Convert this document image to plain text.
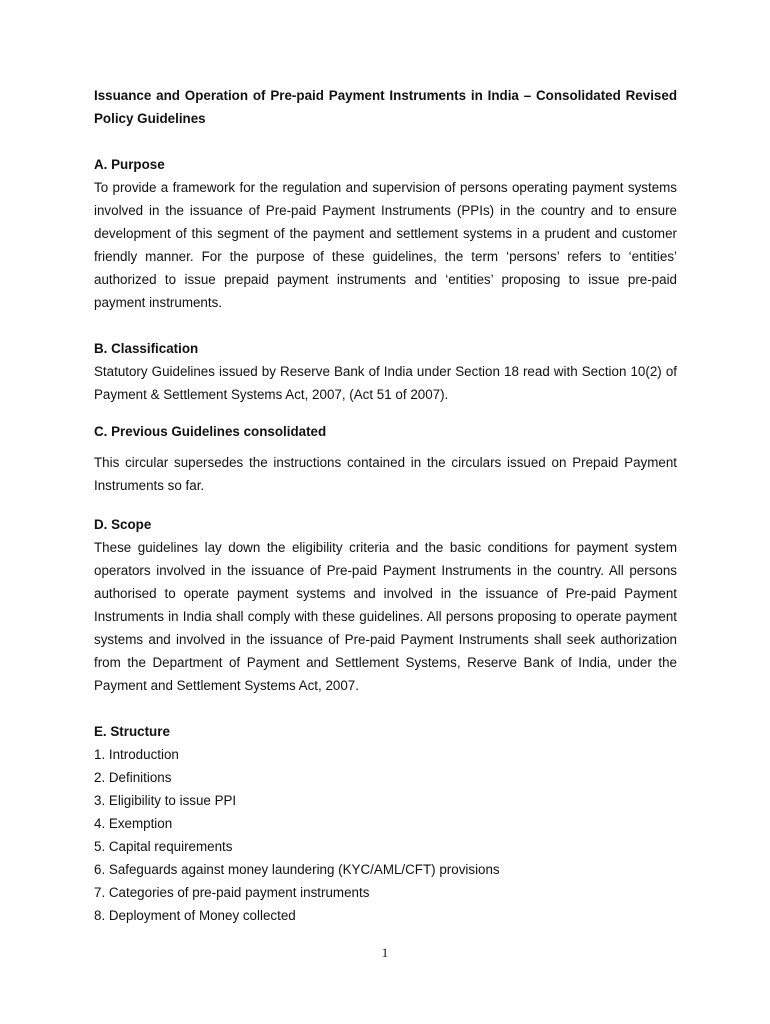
Issuance and Operation of Pre-paid Payment Instruments in India – Consolidated Revised Policy Guidelines

A. Purpose

To provide a framework for the regulation and supervision of persons operating payment systems involved in the issuance of Pre-paid Payment Instruments (PPIs) in the country and to ensure development of this segment of the payment and settlement systems in a prudent and customer friendly manner. For the purpose of these guidelines, the term ‘persons’ refers to ‘entities’ authorized to issue prepaid payment instruments and ‘entities’ proposing to issue pre-paid payment instruments.

B. Classification

Statutory Guidelines issued by Reserve Bank of India under Section 18 read with Section 10(2) of Payment & Settlement Systems Act, 2007, (Act 51 of 2007).

C. Previous Guidelines consolidated

This circular supersedes the instructions contained in the circulars issued on Prepaid Payment Instruments so far.

D. Scope

These guidelines lay down the eligibility criteria and the basic conditions for payment system operators involved in the issuance of Pre-paid Payment Instruments in the country. All persons authorised to operate payment systems and involved in the issuance of Pre-paid Payment Instruments in India shall comply with these guidelines. All persons proposing to operate payment systems and involved in the issuance of Pre-paid Payment Instruments shall seek authorization from the Department of Payment and Settlement Systems, Reserve Bank of India, under the Payment and Settlement Systems Act, 2007.

E. Structure

1. Introduction
2. Definitions
3. Eligibility to issue PPI
4. Exemption
5. Capital requirements
6. Safeguards against money laundering (KYC/AML/CFT) provisions
7. Categories of pre-paid payment instruments
8. Deployment of Money collected
1
